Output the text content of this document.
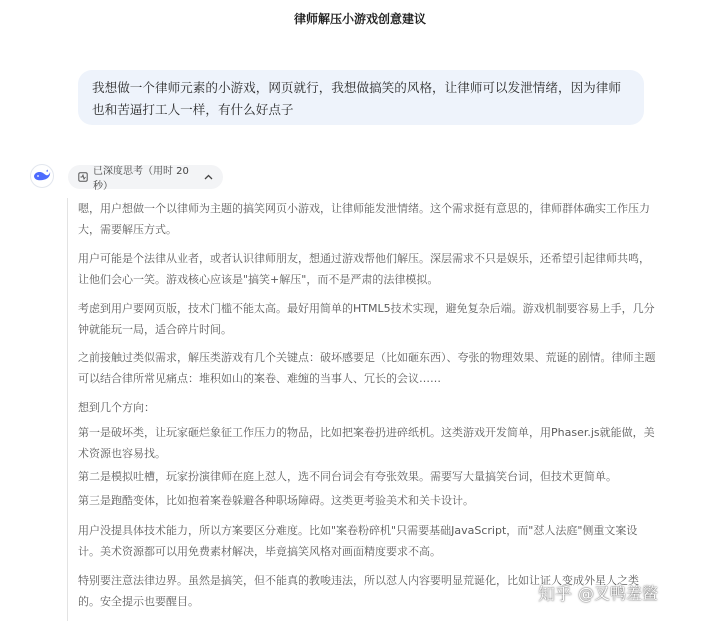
律师解压小游戏创意建议
我想做一个律师元素的小游戏，网页就行，我想做搞笑的风格，让律师可以发泄情绪，因为律师也和苦逼打工人一样，有什么好点子
已深度思考（用时 20 秒）
嗯，用户想做一个以律师为主题的搞笑网页小游戏，让律师能发泄情绪。这个需求挺有意思的，律师群体确实工作压力大，需要解压方式。
用户可能是个法律从业者，或者认识律师朋友，想通过游戏帮他们解压。深层需求不只是娱乐，还希望引起律师共鸣，让他们会心一笑。游戏核心应该是"搞笑+解压"，而不是严肃的法律模拟。
考虑到用户要网页版，技术门槛不能太高。最好用简单的HTML5技术实现，避免复杂后端。游戏机制要容易上手，几分钟就能玩一局，适合碎片时间。
之前接触过类似需求，解压类游戏有几个关键点：破坏感要足（比如砸东西）、夸张的物理效果、荒诞的剧情。律师主题可以结合律所常见痛点：堆积如山的案卷、难缠的当事人、冗长的会议……
想到几个方向：
第一是破坏类，让玩家砸烂象征工作压力的物品，比如把案卷扔进碎纸机。这类游戏开发简单，用Phaser.js就能做，美术资源也容易找。
第二是模拟吐槽，玩家扮演律师在庭上怼人，选不同台词会有夸张效果。需要写大量搞笑台词，但技术更简单。
第三是跑酷变体，比如抱着案卷躲避各种职场障碍。这类更考验美术和关卡设计。
用户没提具体技术能力，所以方案要区分难度。比如"案卷粉碎机"只需要基础JavaScript，而"怼人法庭"侧重文案设计。美术资源都可以用免费素材解决，毕竟搞笑风格对画面精度要求不高。
特别要注意法律边界。虽然是搞笑，但不能真的教唆违法，所以怼人内容要明显荒诞化，比如让证人变成外星人之类的。安全提示也要醒目。	知乎 @叉鸭羞鳖
